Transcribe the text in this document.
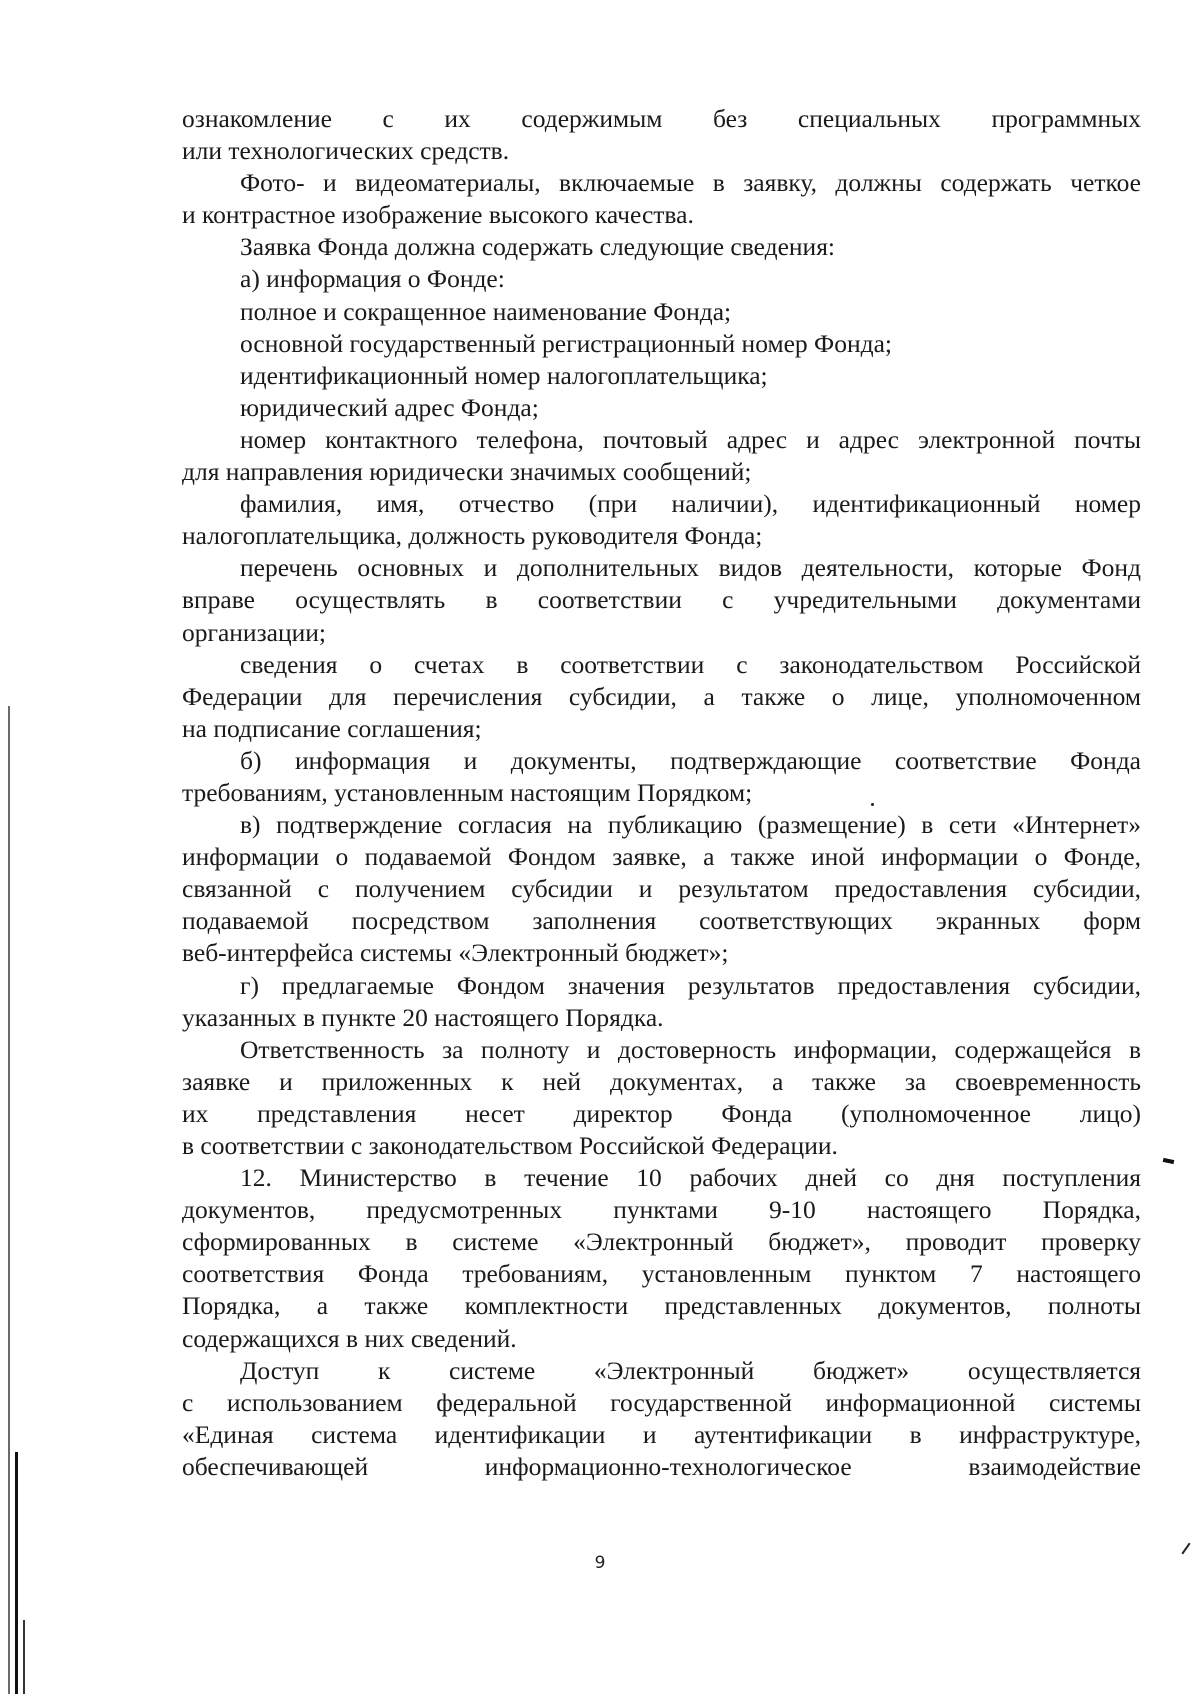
ознакомление с их содержимым без специальных программных
или технологических средств.
Фото- и видеоматериалы, включаемые в заявку, должны содержать четкое
и контрастное изображение высокого качества.
Заявка Фонда должна содержать следующие сведения:
а) информация о Фонде:
полное и сокращенное наименование Фонда;
основной государственный регистрационный номер Фонда;
идентификационный номер налогоплательщика;
юридический адрес Фонда;
номер контактного телефона, почтовый адрес и адрес электронной почты
для направления юридически значимых сообщений;
фамилия, имя, отчество (при наличии), идентификационный номер
налогоплательщика, должность руководителя Фонда;
перечень основных и дополнительных видов деятельности, которые Фонд
вправе осуществлять в соответствии с учредительными документами
организации;
сведения о счетах в соответствии с законодательством Российской
Федерации для перечисления субсидии, а также о лице, уполномоченном
на подписание соглашения;
б) информация и документы, подтверждающие соответствие Фонда
требованиям, установленным настоящим Порядком;
в) подтверждение согласия на публикацию (размещение) в сети «Интернет»
информации о подаваемой Фондом заявке, а также иной информации о Фонде,
связанной с получением субсидии и результатом предоставления субсидии,
подаваемой посредством заполнения соответствующих экранных форм
веб-интерфейса системы «Электронный бюджет»;
г) предлагаемые Фондом значения результатов предоставления субсидии,
указанных в пункте 20 настоящего Порядка.
Ответственность за полноту и достоверность информации, содержащейся в
заявке и приложенных к ней документах, а также за своевременность
их представления несет директор Фонда (уполномоченное лицо)
в соответствии с законодательством Российской Федерации.
12. Министерство в течение 10 рабочих дней со дня поступления
документов, предусмотренных пунктами 9-10 настоящего Порядка,
сформированных в системе «Электронный бюджет», проводит проверку
соответствия Фонда требованиям, установленным пунктом 7 настоящего
Порядка, а также комплектности представленных документов, полноты
содержащихся в них сведений.
Доступ к системе «Электронный бюджет» осуществляется
с использованием федеральной государственной информационной системы
«Единая система идентификации и аутентификации в инфраструктуре,
обеспечивающей информационно-технологическое взаимодействие
9
